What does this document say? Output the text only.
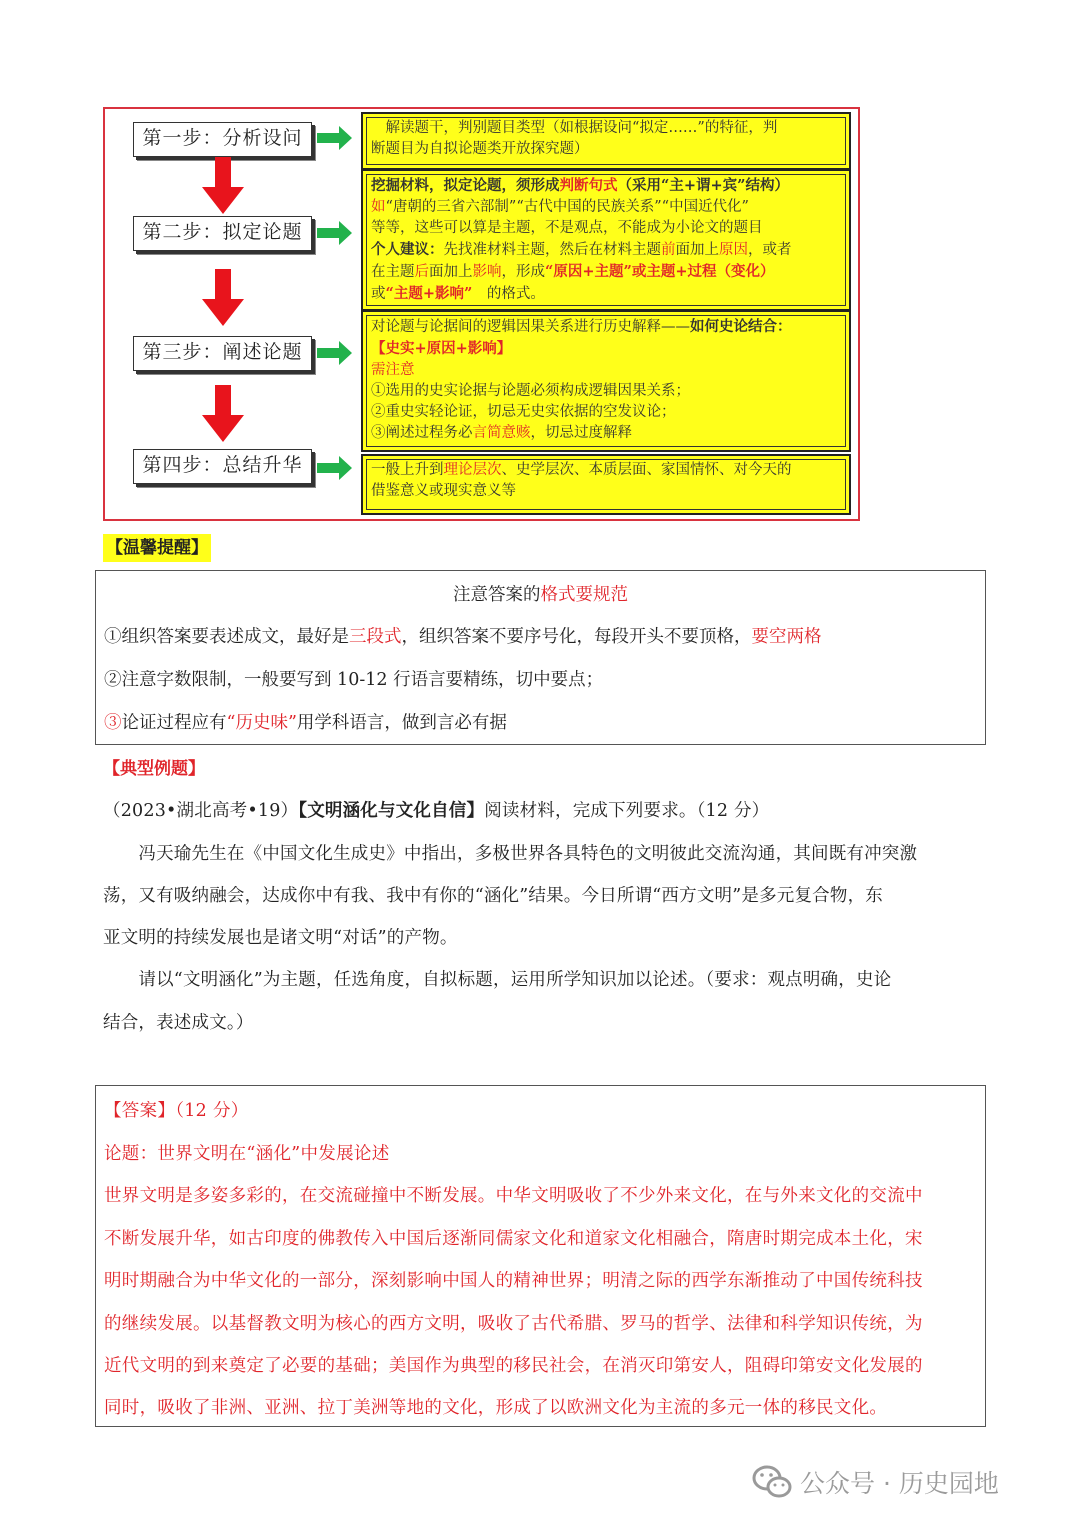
第一步：分析设问
第二步：拟定论题
第三步：阐述论题
第四步：总结升华

　解读题干，判别题目类型（如根据设问“拟定……”的特征，判

断题目为自拟论题类开放探究题）

挖掘材料，拟定论题，须形成判断句式（采用“主+谓+宾”结构）

如“唐朝的三省六部制”“古代中国的民族关系”“中国近代化”

等等，这些可以算是主题，不是观点，不能成为小论文的题目

个人建议：先找准材料主题，然后在材料主题前面加上原因，或者

在主题后面加上影响，形成“原因+主题”或主题+过程（变化）

或“主题+影响”　的格式。

对论题与论据间的逻辑因果关系进行历史解释——如何史论结合：

【史实+原因+影响】

需注意

①选用的史实论据与论题必须构成逻辑因果关系；

②重史实轻论证，切忌无史实依据的空发议论；

③阐述过程务必言简意赅，切忌过度解释

一般上升到理论层次、史学层次、本质层面、家国情怀、对今天的

借鉴意义或现实意义等

【温馨提醒】
注意答案的格式要规范
①组织答案要表述成文，最好是三段式，组织答案不要序号化，每段开头不要顶格，要空两格
②注意字数限制，一般要写到 10-12 行语言要精练，切中要点；
③论证过程应有“历史味”用学科语言，做到言必有据
【典型例题】
（2023•湖北高考•19）【文明涵化与文化自信】阅读材料，完成下列要求。（12 分）
　　冯天瑜先生在《中国文化生成史》中指出，多极世界各具特色的文明彼此交流沟通，其间既有冲突激
荡，又有吸纳融会，达成你中有我、我中有你的“涵化”结果。今日所谓“西方文明”是多元复合物，东
亚文明的持续发展也是诸文明“对话”的产物。
　　请以“文明涵化”为主题，任选角度，自拟标题，运用所学知识加以论述。（要求：观点明确，史论
结合，表述成文。）
【答案】（12 分）
论题：世界文明在“涵化”中发展论述
世界文明是多姿多彩的，在交流碰撞中不断发展。中华文明吸收了不少外来文化，在与外来文化的交流中
不断发展升华，如古印度的佛教传入中国后逐渐同儒家文化和道家文化相融合，隋唐时期完成本土化，宋
明时期融合为中华文化的一部分，深刻影响中国人的精神世界；明清之际的西学东渐推动了中国传统科技
的继续发展。以基督教文明为核心的西方文明，吸收了古代希腊、罗马的哲学、法律和科学知识传统，为
近代文明的到来奠定了必要的基础；美国作为典型的移民社会，在消灭印第安人，阻碍印第安文化发展的
同时，吸收了非洲、亚洲、拉丁美洲等地的文化，形成了以欧洲文化为主流的多元一体的移民文化。
公众号 · 历史园地
